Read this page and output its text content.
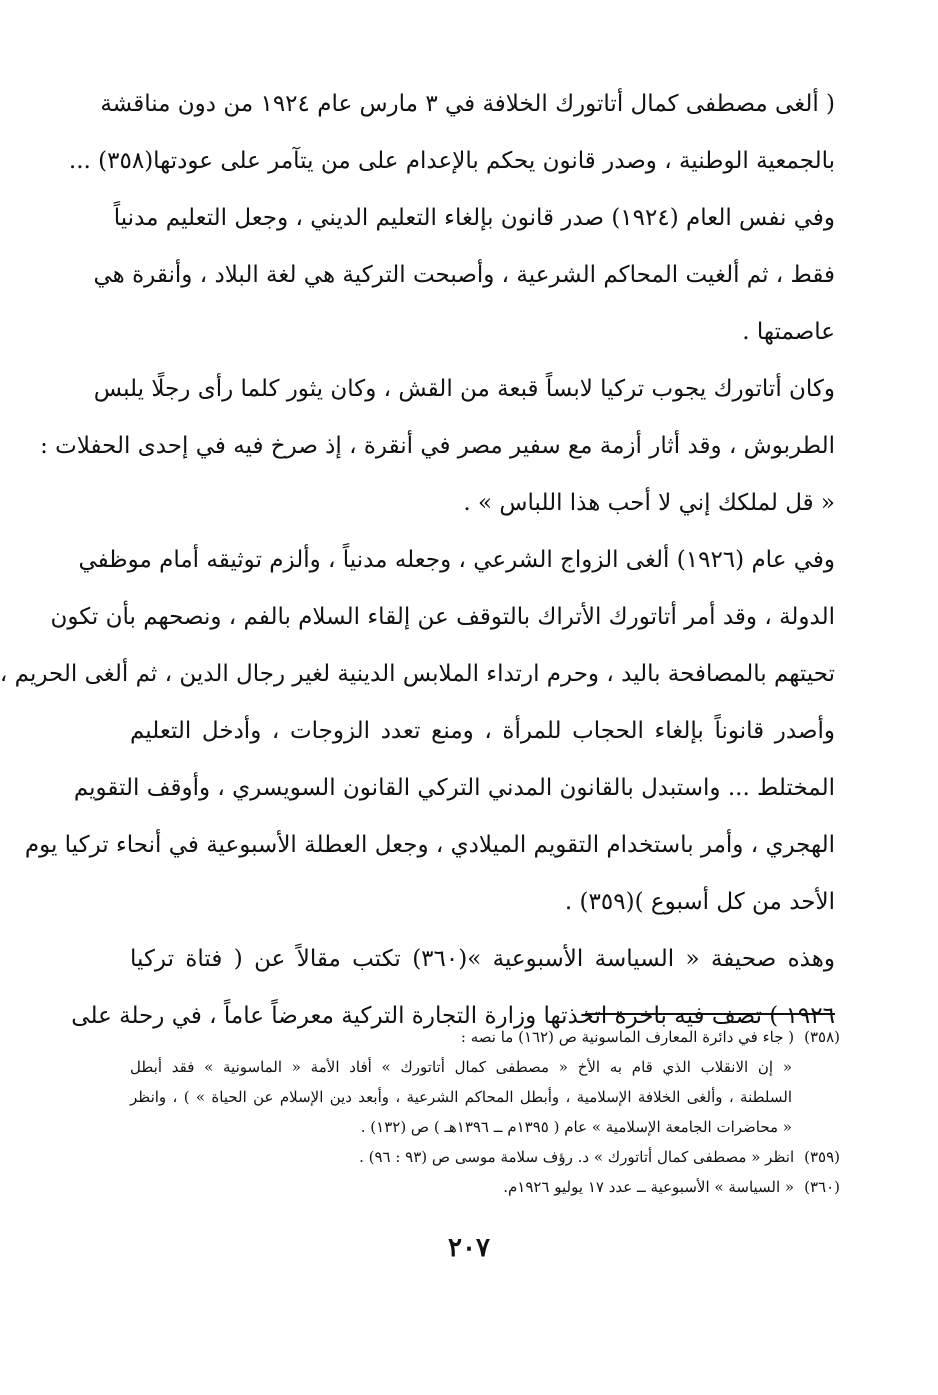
( ألغى مصطفى كمال أتاتورك الخلافة في ٣ مارس عام ١٩٢٤ من دون مناقشة
بالجمعية الوطنية ، وصدر قانون يحكم بالإعدام على من يتآمر على عودتها(٣٥٨) ...
وفي نفس العام (١٩٢٤) صدر قانون بإلغاء التعليم الديني ، وجعل التعليم مدنياً
فقط ، ثم ألغيت المحاكم الشرعية ، وأصبحت التركية هي لغة البلاد ، وأنقرة هي
عاصمتها .
وكان أتاتورك يجوب تركيا لابساً قبعة من القش ، وكان يثور كلما رأى رجلًا يلبس
الطربوش ، وقد أثار أزمة مع سفير مصر في أنقرة ، إذ صرخ فيه في إحدى الحفلات :
« قل لملكك إني لا أحب هذا اللباس » .
وفي عام (١٩٢٦) ألغى الزواج الشرعي ، وجعله مدنياً ، وألزم توثيقه أمام موظفي
الدولة ، وقد أمر أتاتورك الأتراك بالتوقف عن إلقاء السلام بالفم ، ونصحهم بأن تكون
تحيتهم بالمصافحة باليد ، وحرم ارتداء الملابس الدينية لغير رجال الدين ، ثم ألغى الحريم ،
وأصدر قانوناً بإلغاء الحجاب للمرأة ، ومنع تعدد الزوجات ، وأدخل التعليم
المختلط ... واستبدل بالقانون المدني التركي القانون السويسري ، وأوقف التقويم
الهجري ، وأمر باستخدام التقويم الميلادي ، وجعل العطلة الأسبوعية في أنحاء تركيا يوم
الأحد من كل أسبوع )(٣٥٩) .
وهذه صحيفة « السياسة الأسبوعية »(٣٦٠) تكتب مقالاً عن ( فتاة تركيا
١٩٢٦ ) تصف فيه باخرة اتخذتها وزارة التجارة التركية معرضاً عاماً ، في رحلة على
(٣٥٨)( جاء في دائرة المعارف الماسونية ص (١٦٢) ما نصه :
« إن الانقلاب الذي قام به الأخ « مصطفى كمال أتاتورك » أفاد الأمة « الماسونية » فقد أبطل
السلطنة ، وألغى الخلافة الإسلامية ، وأبطل المحاكم الشرعية ، وأبعد دين الإسلام عن الحياة » ) ، وانظر
« محاضرات الجامعة الإسلامية » عام ( ١٣٩٥م ــ ١٣٩٦هـ ) ص (١٣٢) .
(٣٥٩)انظر « مصطفى كمال أتاتورك » د. رؤف سلامة موسى ص (٩٣ : ٩٦) .
(٣٦٠)« السياسة » الأسبوعية ــ عدد ١٧ يوليو ١٩٢٦م.
٢٠٧
